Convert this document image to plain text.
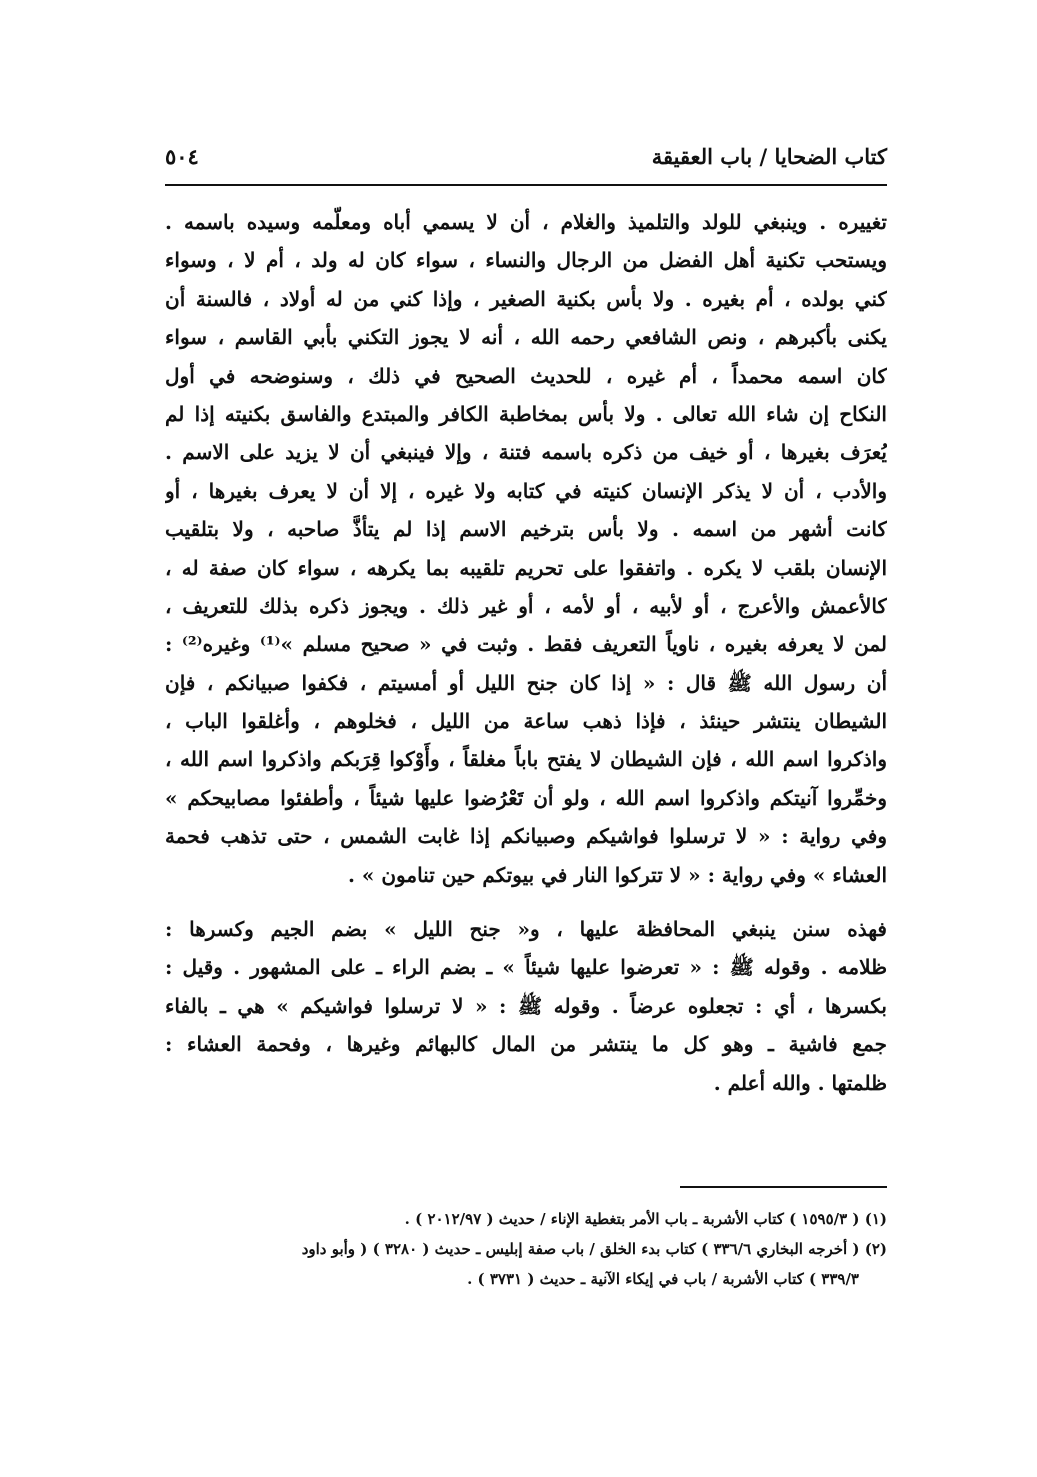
كتاب الضحايا / باب العقيقة
٥٠٤
تغييره . وينبغي للولد والتلميذ والغلام ، أن لا يسمي أباه ومعلّمه وسيده باسمه .
ويستحب تكنية أهل الفضل من الرجال والنساء ، سواء كان له ولد ، أم لا ، وسواء
كني بولده ، أم بغيره . ولا بأس بكنية الصغير ، وإذا كني من له أولاد ، فالسنة أن
يكنى بأكبرهم ، ونص الشافعي رحمه الله ، أنه لا يجوز التكني بأبي القاسم ، سواء
كان اسمه محمداً ، أم غيره ، للحديث الصحيح في ذلك ، وسنوضحه في أول
النكاح إن شاء الله تعالى . ولا بأس بمخاطبة الكافر والمبتدع والفاسق بكنيته إذا لم
يُعرَف بغيرها ، أو خيف من ذكره باسمه فتنة ، وإلا فينبغي أن لا يزيد على الاسم .
والأدب ، أن لا يذكر الإنسان كنيته في كتابه ولا غيره ، إلا أن لا يعرف بغيرها ، أو
كانت أشهر من اسمه . ولا بأس بترخيم الاسم إذا لم يتأذَّ صاحبه ، ولا بتلقيب
الإنسان بلقب لا يكره . واتفقوا على تحريم تلقيبه بما يكرهه ، سواء كان صفة له ،
كالأعمش والأعرج ، أو لأبيه ، أو لأمه ، أو غير ذلك . ويجوز ذكره بذلك للتعريف ،
لمن لا يعرفه بغيره ، ناوياً التعريف فقط . وثبت في « صحيح مسلم »⁽¹⁾ وغيره⁽²⁾ :
أن رسول الله ﷺ قال : « إذا كان جنح الليل أو أمسيتم ، فكفوا صبيانكم ، فإن
الشيطان ينتشر حينئذ ، فإذا ذهب ساعة من الليل ، فخلوهم ، وأغلقوا الباب ،
واذكروا اسم الله ، فإن الشيطان لا يفتح باباً مغلقاً ، وأَوْكوا قِرَبكم واذكروا اسم الله ،
وخمِّروا آنيتكم واذكروا اسم الله ، ولو أن تَعْرُضوا عليها شيئاً ، وأطفئوا مصابيحكم »
وفي رواية : « لا ترسلوا فواشيكم وصبيانكم إذا غابت الشمس ، حتى تذهب فحمة
العشاء » وفي رواية : « لا تتركوا النار في بيوتكم حين تنامون » .
فهذه سنن ينبغي المحافظة عليها ، و« جنح الليل » بضم الجيم وكسرها :
ظلامه . وقوله ﷺ : « تعرضوا عليها شيئاً » ـ بضم الراء ـ على المشهور . وقيل :
بكسرها ، أي : تجعلوه عرضاً . وقوله ﷺ : « لا ترسلوا فواشيكم » هي ـ بالفاء
جمع فاشية ـ وهو كل ما ينتشر من المال كالبهائم وغيرها ، وفحمة العشاء :
ظلمتها . والله أعلم .
(١) ( ١٥٩٥/٣ ) كتاب الأشربة ـ باب الأمر بتغطية الإناء / حديث ( ٢٠١٢/٩٧ ) .
(٢) ( أخرجه البخاري ٣٣٦/٦ ) كتاب بدء الخلق / باب صفة إبليس ـ حديث ( ٣٢٨٠ ) ( وأبو داود
٣٣٩/٣ ) كتاب الأشربة / باب في إيكاء الآنية ـ حديث ( ٣٧٣١ ) .
